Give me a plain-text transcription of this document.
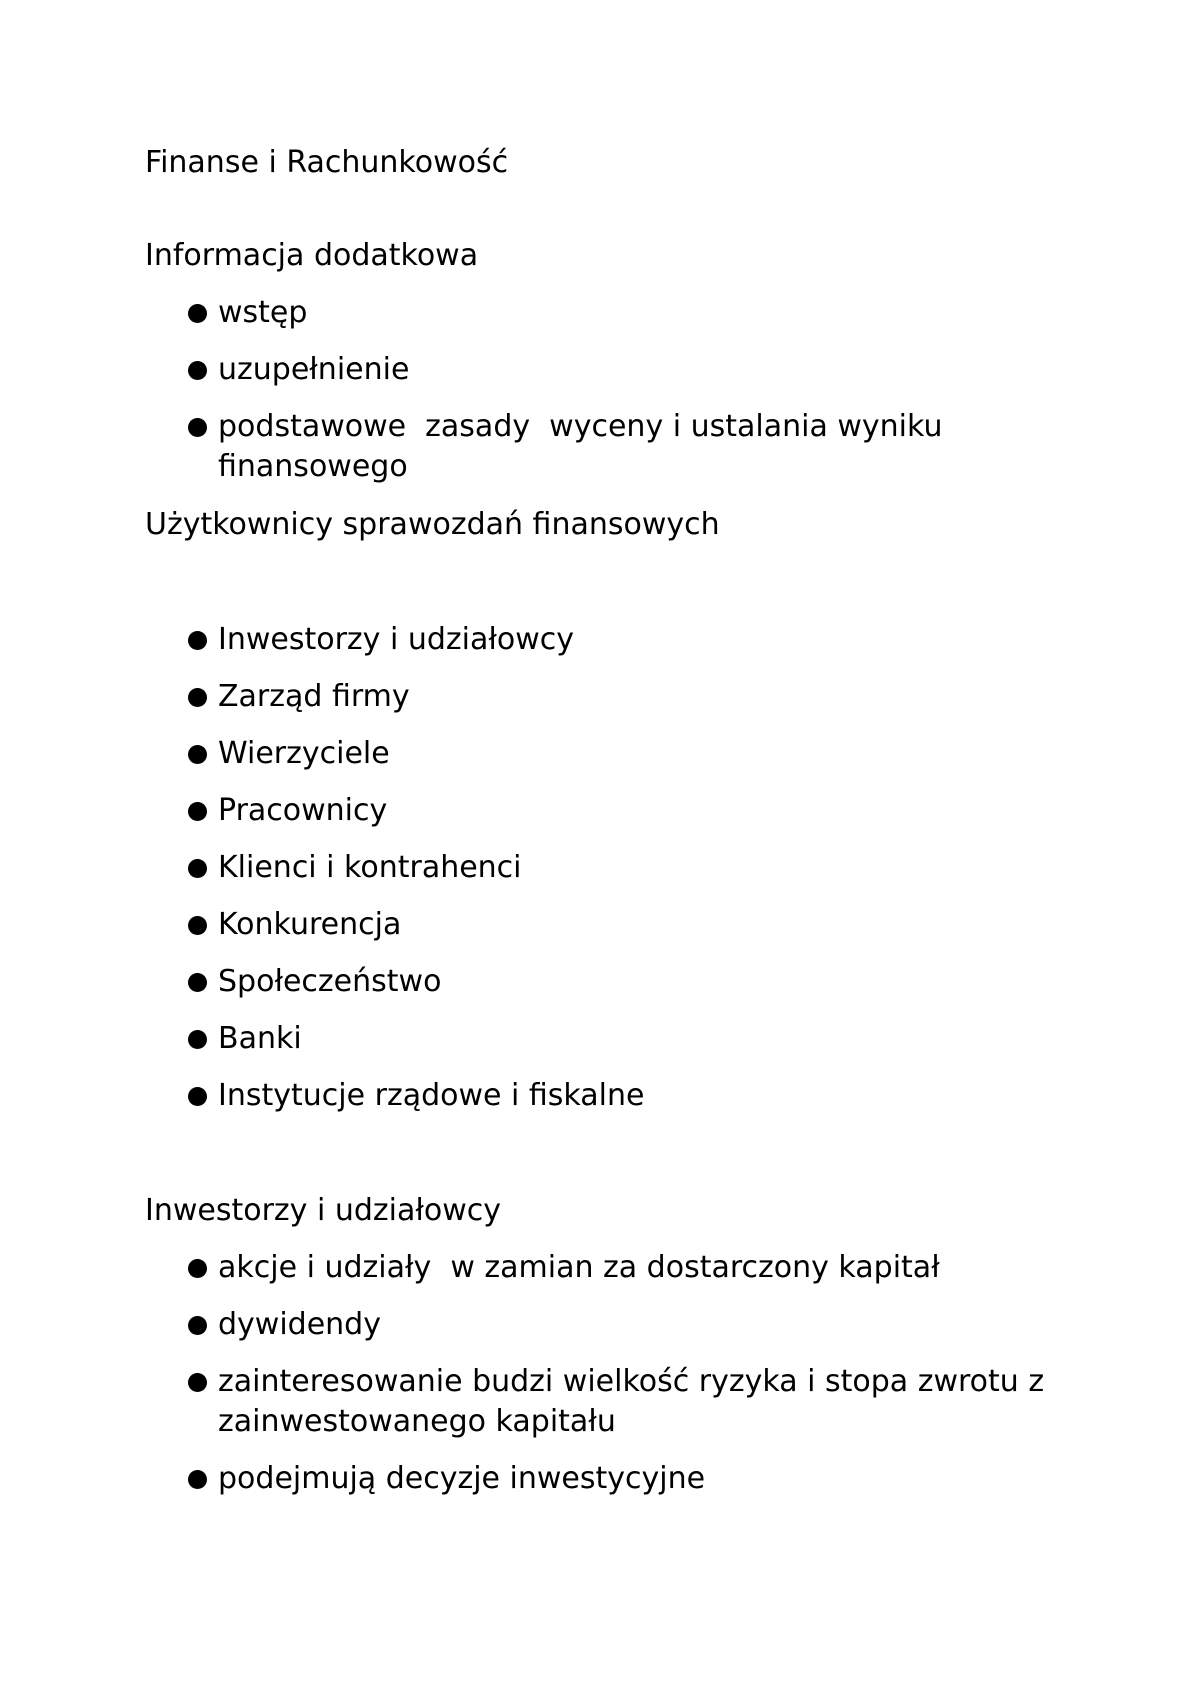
Finanse i Rachunkowość
Informacja dodatkowa
wstęp
uzupełnienie
podstawowe  zasady  wyceny i ustalania wyniku finansowego
Użytkownicy sprawozdań finansowych
Inwestorzy i udziałowcy
Zarząd firmy
Wierzyciele
Pracownicy
Klienci i kontrahenci
Konkurencja
Społeczeństwo
Banki
Instytucje rządowe i fiskalne
Inwestorzy i udziałowcy
akcje i udziały  w zamian za dostarczony kapitał
dywidendy
zainteresowanie budzi wielkość ryzyka i stopa zwrotu z zainwestowanego kapitału
podejmują decyzje inwestycyjne
